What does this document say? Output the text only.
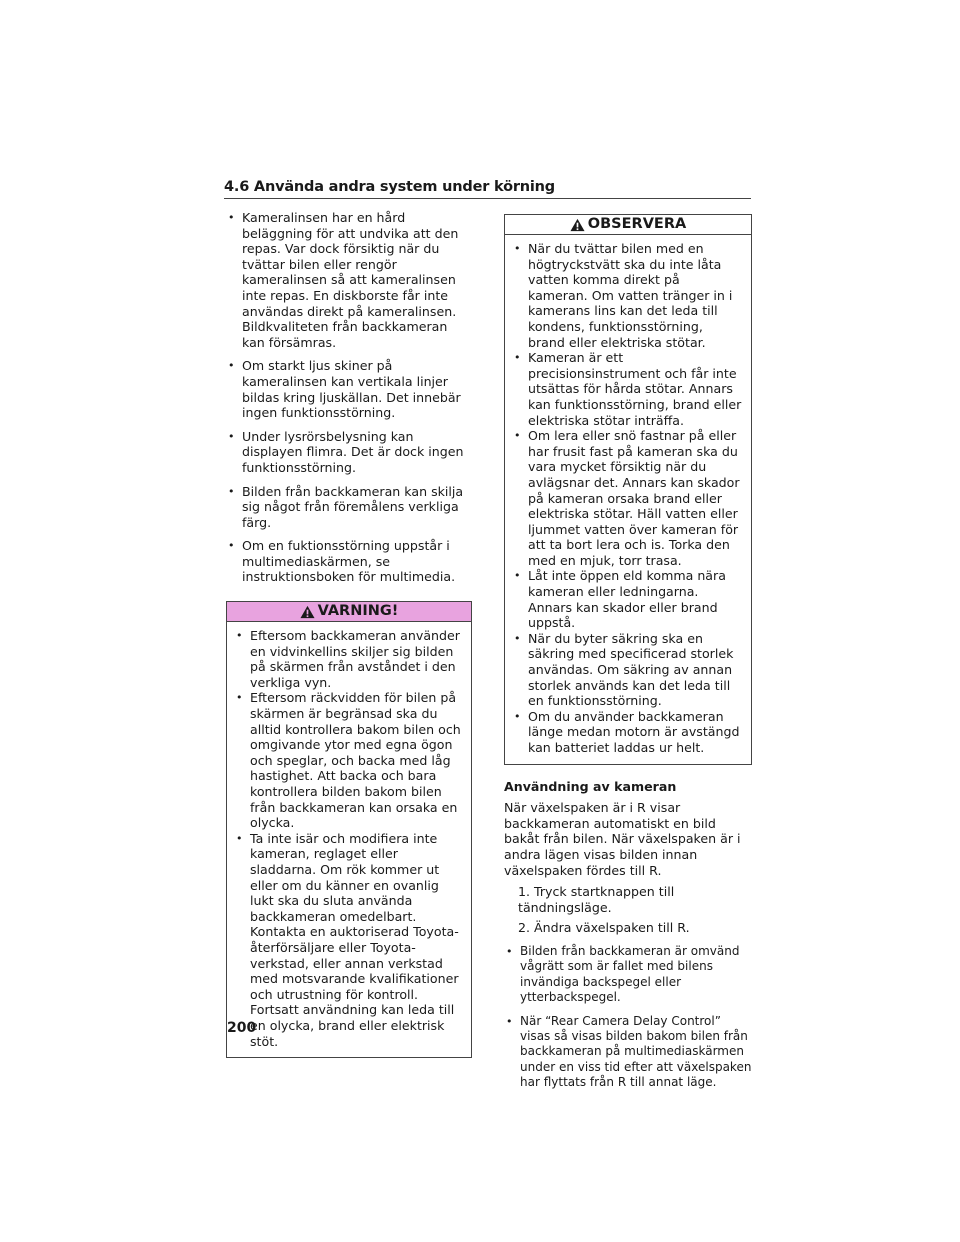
4.6 Använda andra system under körning
• Kameralinsen har en hård beläggning för att undvika att den repas. Var dock försiktig när du tvättar bilen eller rengör kameralinsen så att kameralinsen inte repas. En diskborste får inte användas direkt på kameralinsen. Bildkvaliteten från backkameran kan försämras.
• Om starkt ljus skiner på kameralinsen kan vertikala linjer bildas kring ljuskällan. Det innebär ingen funktionsstörning.
• Under lysrörsbelysning kan displayen flimra. Det är dock ingen funktionsstörning.
• Bilden från backkameran kan skilja sig något från föremålens verkliga färg.
• Om en fuktionsstörning uppstår i multimediaskärmen, se instruktionsboken för multimedia.
VARNING!
• Eftersom backkameran använder en vidvinkellins skiljer sig bilden på skärmen från avståndet i den verkliga vyn.
• Eftersom räckvidden för bilen på skärmen är begränsad ska du alltid kontrollera bakom bilen och omgivande ytor med egna ögon och speglar, och backa med låg hastighet. Att backa och bara kontrollera bilden bakom bilen från backkameran kan orsaka en olycka.
• Ta inte isär och modifiera inte kameran, reglaget eller sladdarna. Om rök kommer ut eller om du känner en ovanlig lukt ska du sluta använda backkameran omedelbart. Kontakta en auktoriserad Toyota-återförsäljare eller Toyota-verkstad, eller annan verkstad med motsvarande kvalifikationer och utrustning för kontroll. Fortsatt användning kan leda till en olycka, brand eller elektrisk stöt.
OBSERVERA
• När du tvättar bilen med en högtryckstvätt ska du inte låta vatten komma direkt på kameran. Om vatten tränger in i kamerans lins kan det leda till kondens, funktionsstörning, brand eller elektriska stötar.
• Kameran är ett precisionsinstrument och får inte utsättas för hårda stötar. Annars kan funktionsstörning, brand eller elektriska stötar inträffa.
• Om lera eller snö fastnar på eller har frusit fast på kameran ska du vara mycket försiktig när du avlägsnar det. Annars kan skador på kameran orsaka brand eller elektriska stötar. Häll vatten eller ljummet vatten över kameran för att ta bort lera och is. Torka den med en mjuk, torr trasa.
• Låt inte öppen eld komma nära kameran eller ledningarna. Annars kan skador eller brand uppstå.
• När du byter säkring ska en säkring med specificerad storlek användas. Om säkring av annan storlek används kan det leda till en funktionsstörning.
• Om du använder backkameran länge medan motorn är avstängd kan batteriet laddas ur helt.
Användning av kameran

När växelspaken är i R visar backkameran automatiskt en bild bakåt från bilen. När växelspaken är i andra lägen visas bilden innan växelspaken fördes till R.

1. Tryck startknappen till tändningsläge.
2. Ändra växelspaken till R.
• Bilden från backkameran är omvänd vågrätt som är fallet med bilens invändiga backspegel eller ytterbackspegel.
• När “Rear Camera Delay Control” visas så visas bilden bakom bilen från backkameran på multimediaskärmen under en viss tid efter att växelspaken har flyttats från R till annat läge.
200
